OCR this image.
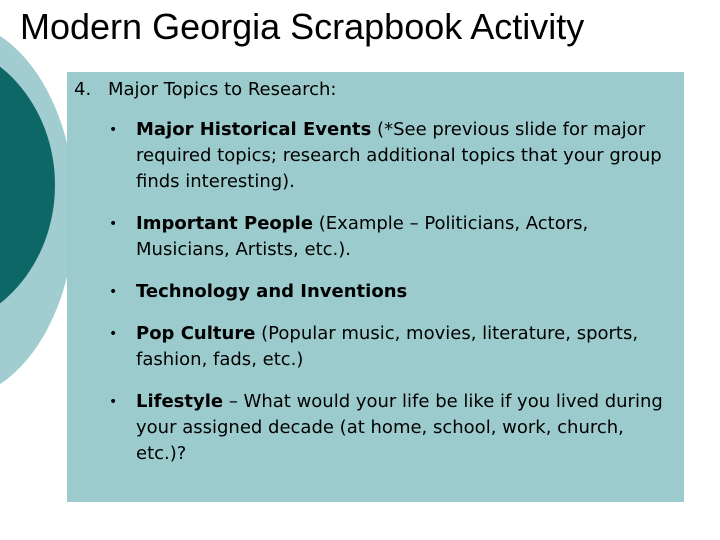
Modern Georgia Scrapbook Activity
4. Major Topics to Research:
• Major Historical Events (*See previous slide for major required topics; research additional topics that your group finds interesting).
• Important People (Example – Politicians, Actors, Musicians, Artists, etc.).
• Technology and Inventions
• Pop Culture (Popular music, movies, literature, sports, fashion, fads, etc.)
• Lifestyle – What would your life be like if you lived during your assigned decade (at home, school, work, church, etc.)?
